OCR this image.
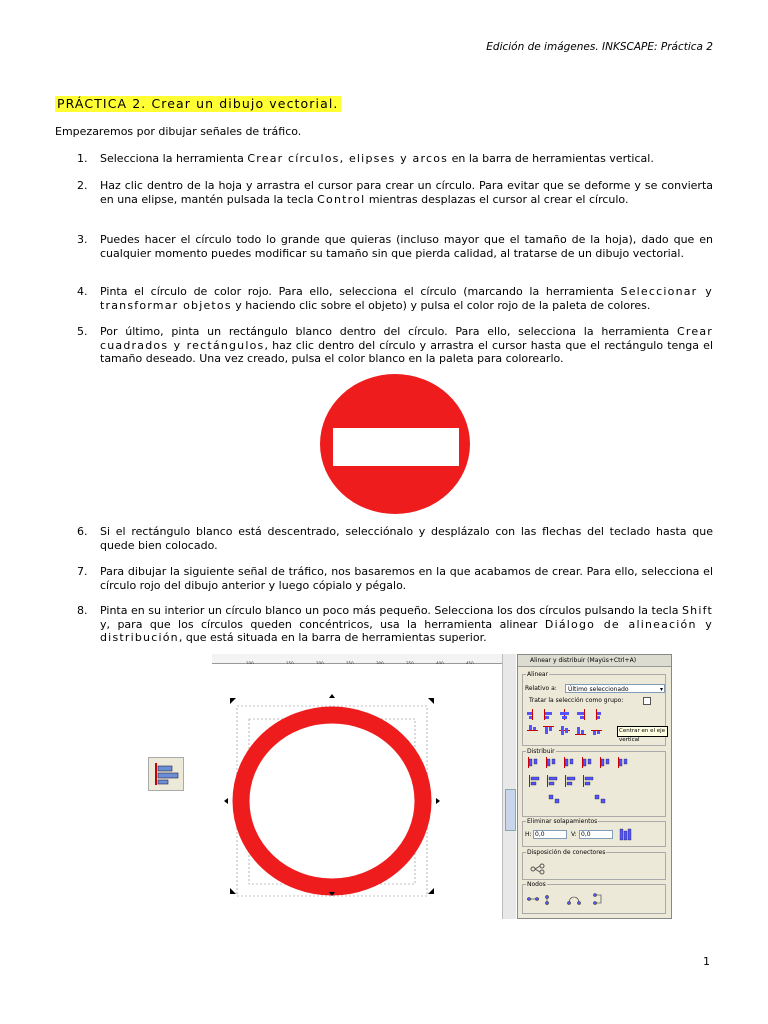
Edición de imágenes. INKSCAPE: Práctica 2
PRÁCTICA 2. Crear un dibujo vectorial.
Empezaremos por dibujar señales de tráfico.
1. Selecciona la herramienta Crear círculos, elipses y arcos en la barra de herramientas vertical.
2. Haz clic dentro de la hoja y arrastra el cursor para crear un círculo. Para evitar que se deforme y se convierta en una elipse, mantén pulsada la tecla Control mientras desplazas el cursor al crear el círculo.
3. Puedes hacer el círculo todo lo grande que quieras (incluso mayor que el tamaño de la hoja), dado que en cualquier momento puedes modificar su tamaño sin que pierda calidad, al tratarse de un dibujo vectorial.
4. Pinta el círculo de color rojo. Para ello, selecciona el círculo (marcando la herramienta Seleccionar y transformar objetos y haciendo clic sobre el objeto) y pulsa el color rojo de la paleta de colores.
5. Por último, pinta un rectángulo blanco dentro del círculo. Para ello, selecciona la herramienta Crear cuadrados y rectángulos, haz clic dentro del círculo y arrastra el cursor hasta que el rectángulo tenga el tamaño deseado. Una vez creado, pulsa el color blanco en la paleta para colorearlo.
6. Si el rectángulo blanco está descentrado, selecciónalo y desplázalo con las flechas del teclado hasta que quede bien colocado.
7. Para dibujar la siguiente señal de tráfico, nos basaremos en la que acabamos de crear. Para ello, selecciona el círculo rojo del dibujo anterior y luego cópialo y pégalo.
8. Pinta en su interior un círculo blanco un poco más pequeño. Selecciona los dos círculos pulsando la tecla Shift y, para que los círculos queden concéntricos, usa la herramienta alinear Diálogo de alineación y distribución, que está situada en la barra de herramientas superior.
Alinear y distribuir (Mayús+Ctrl+A)
Alinear
Relativo a:	Último seleccionado	▾
Tratar la selección como grupo:
Centrar en el eje vertical
Distribuir
Eliminar solapamientos
H: 0,0	V: 0,0
Disposición de conectores
Nodos
1
